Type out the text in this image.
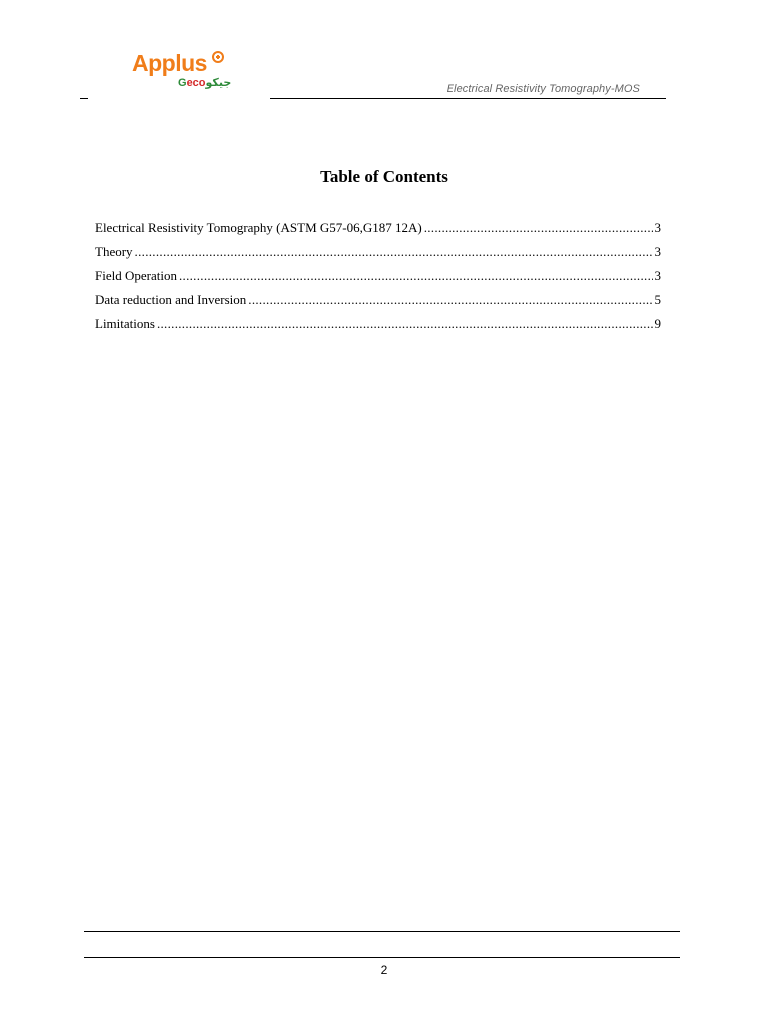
Applus
Gecoجيكو	Electrical Resistivity Tomography-MOS
Table of Contents
Electrical Resistivity Tomography (ASTM G57-06,G187 12A) .....	3
Theory .....	3
Field Operation .....	3
Data reduction and Inversion .....	5
Limitations .....	9
2
